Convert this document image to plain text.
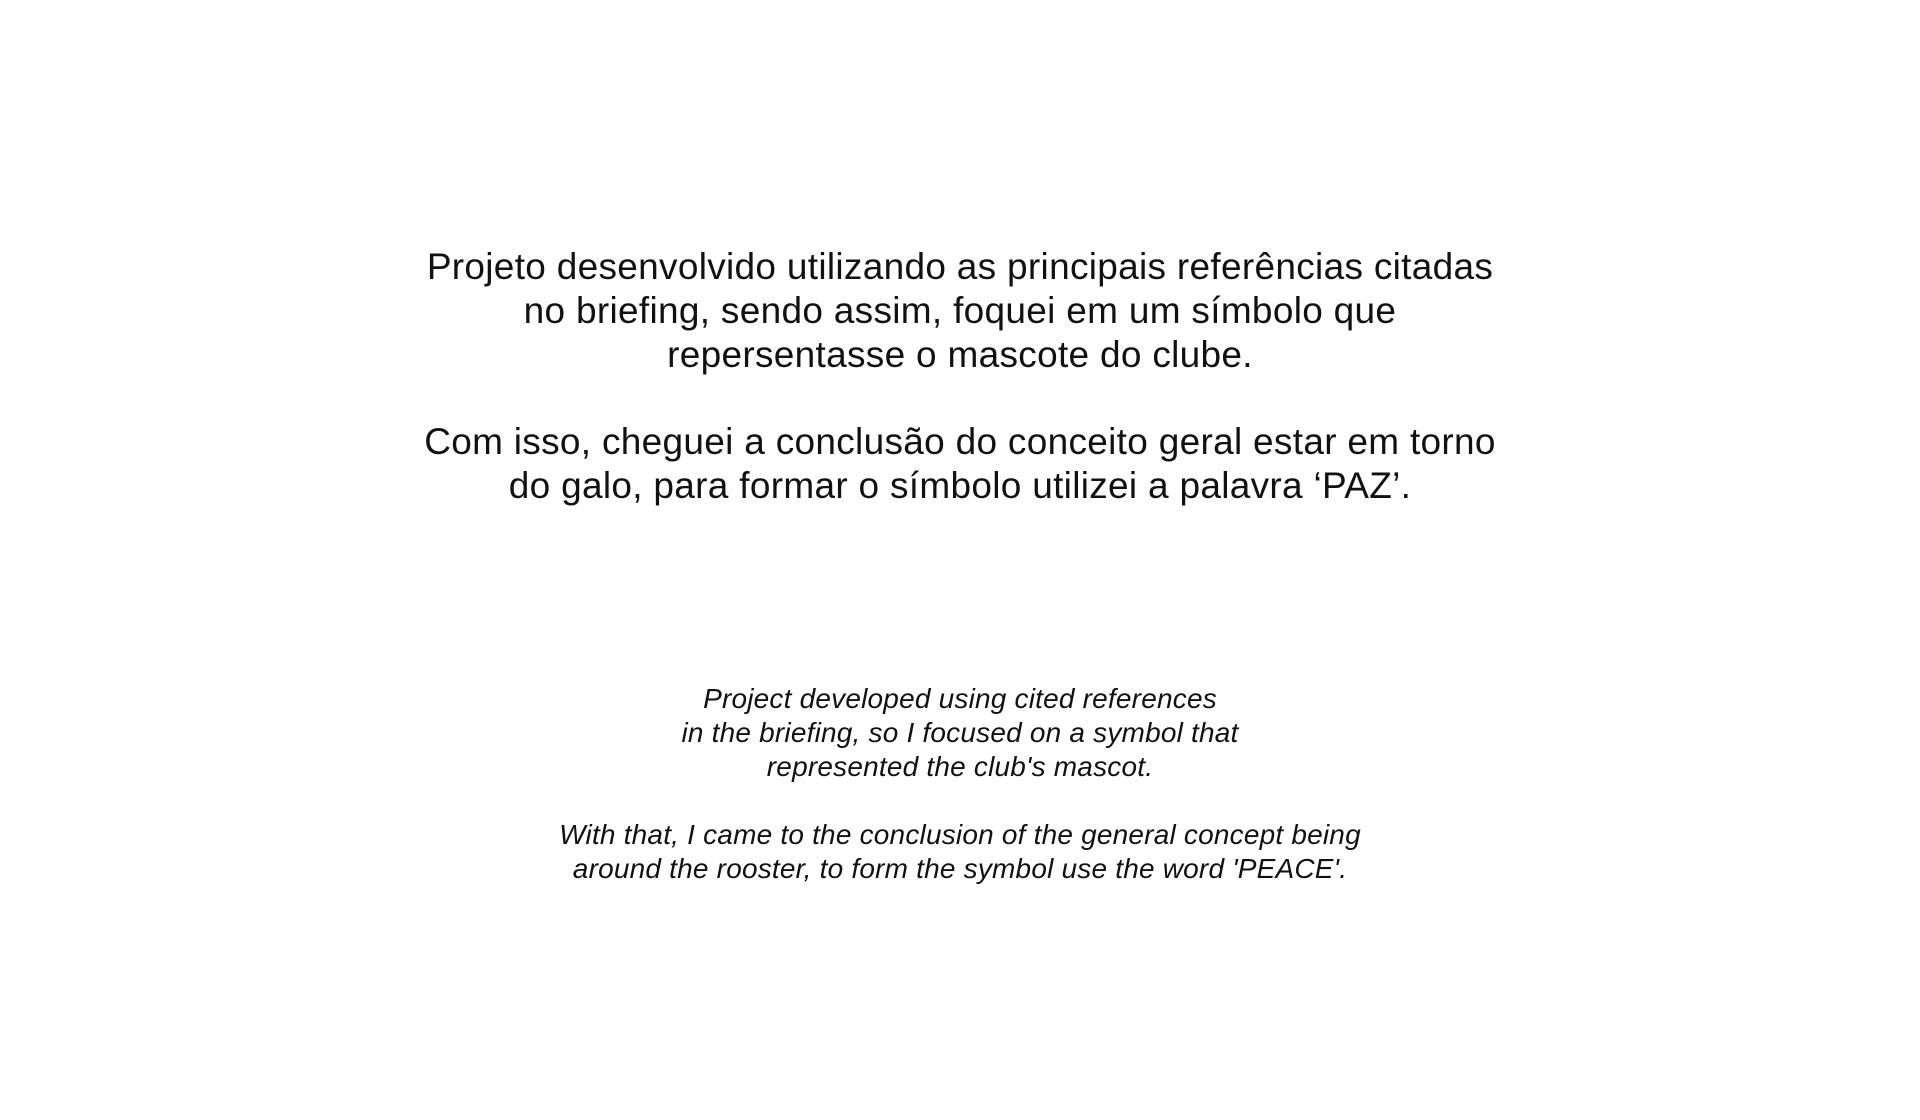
Projeto desenvolvido utilizando as principais referências citadas
no briefing, sendo assim, foquei em um símbolo que
repersentasse o mascote do clube.

Com isso, cheguei a conclusão do conceito geral estar em torno
do galo, para formar o símbolo utilizei a palavra ‘PAZ’.

Project developed using cited references
in the briefing, so I focused on a symbol that
represented the club's mascot.

With that, I came to the conclusion of the general concept being
around the rooster, to form the symbol use the word 'PEACE'.
